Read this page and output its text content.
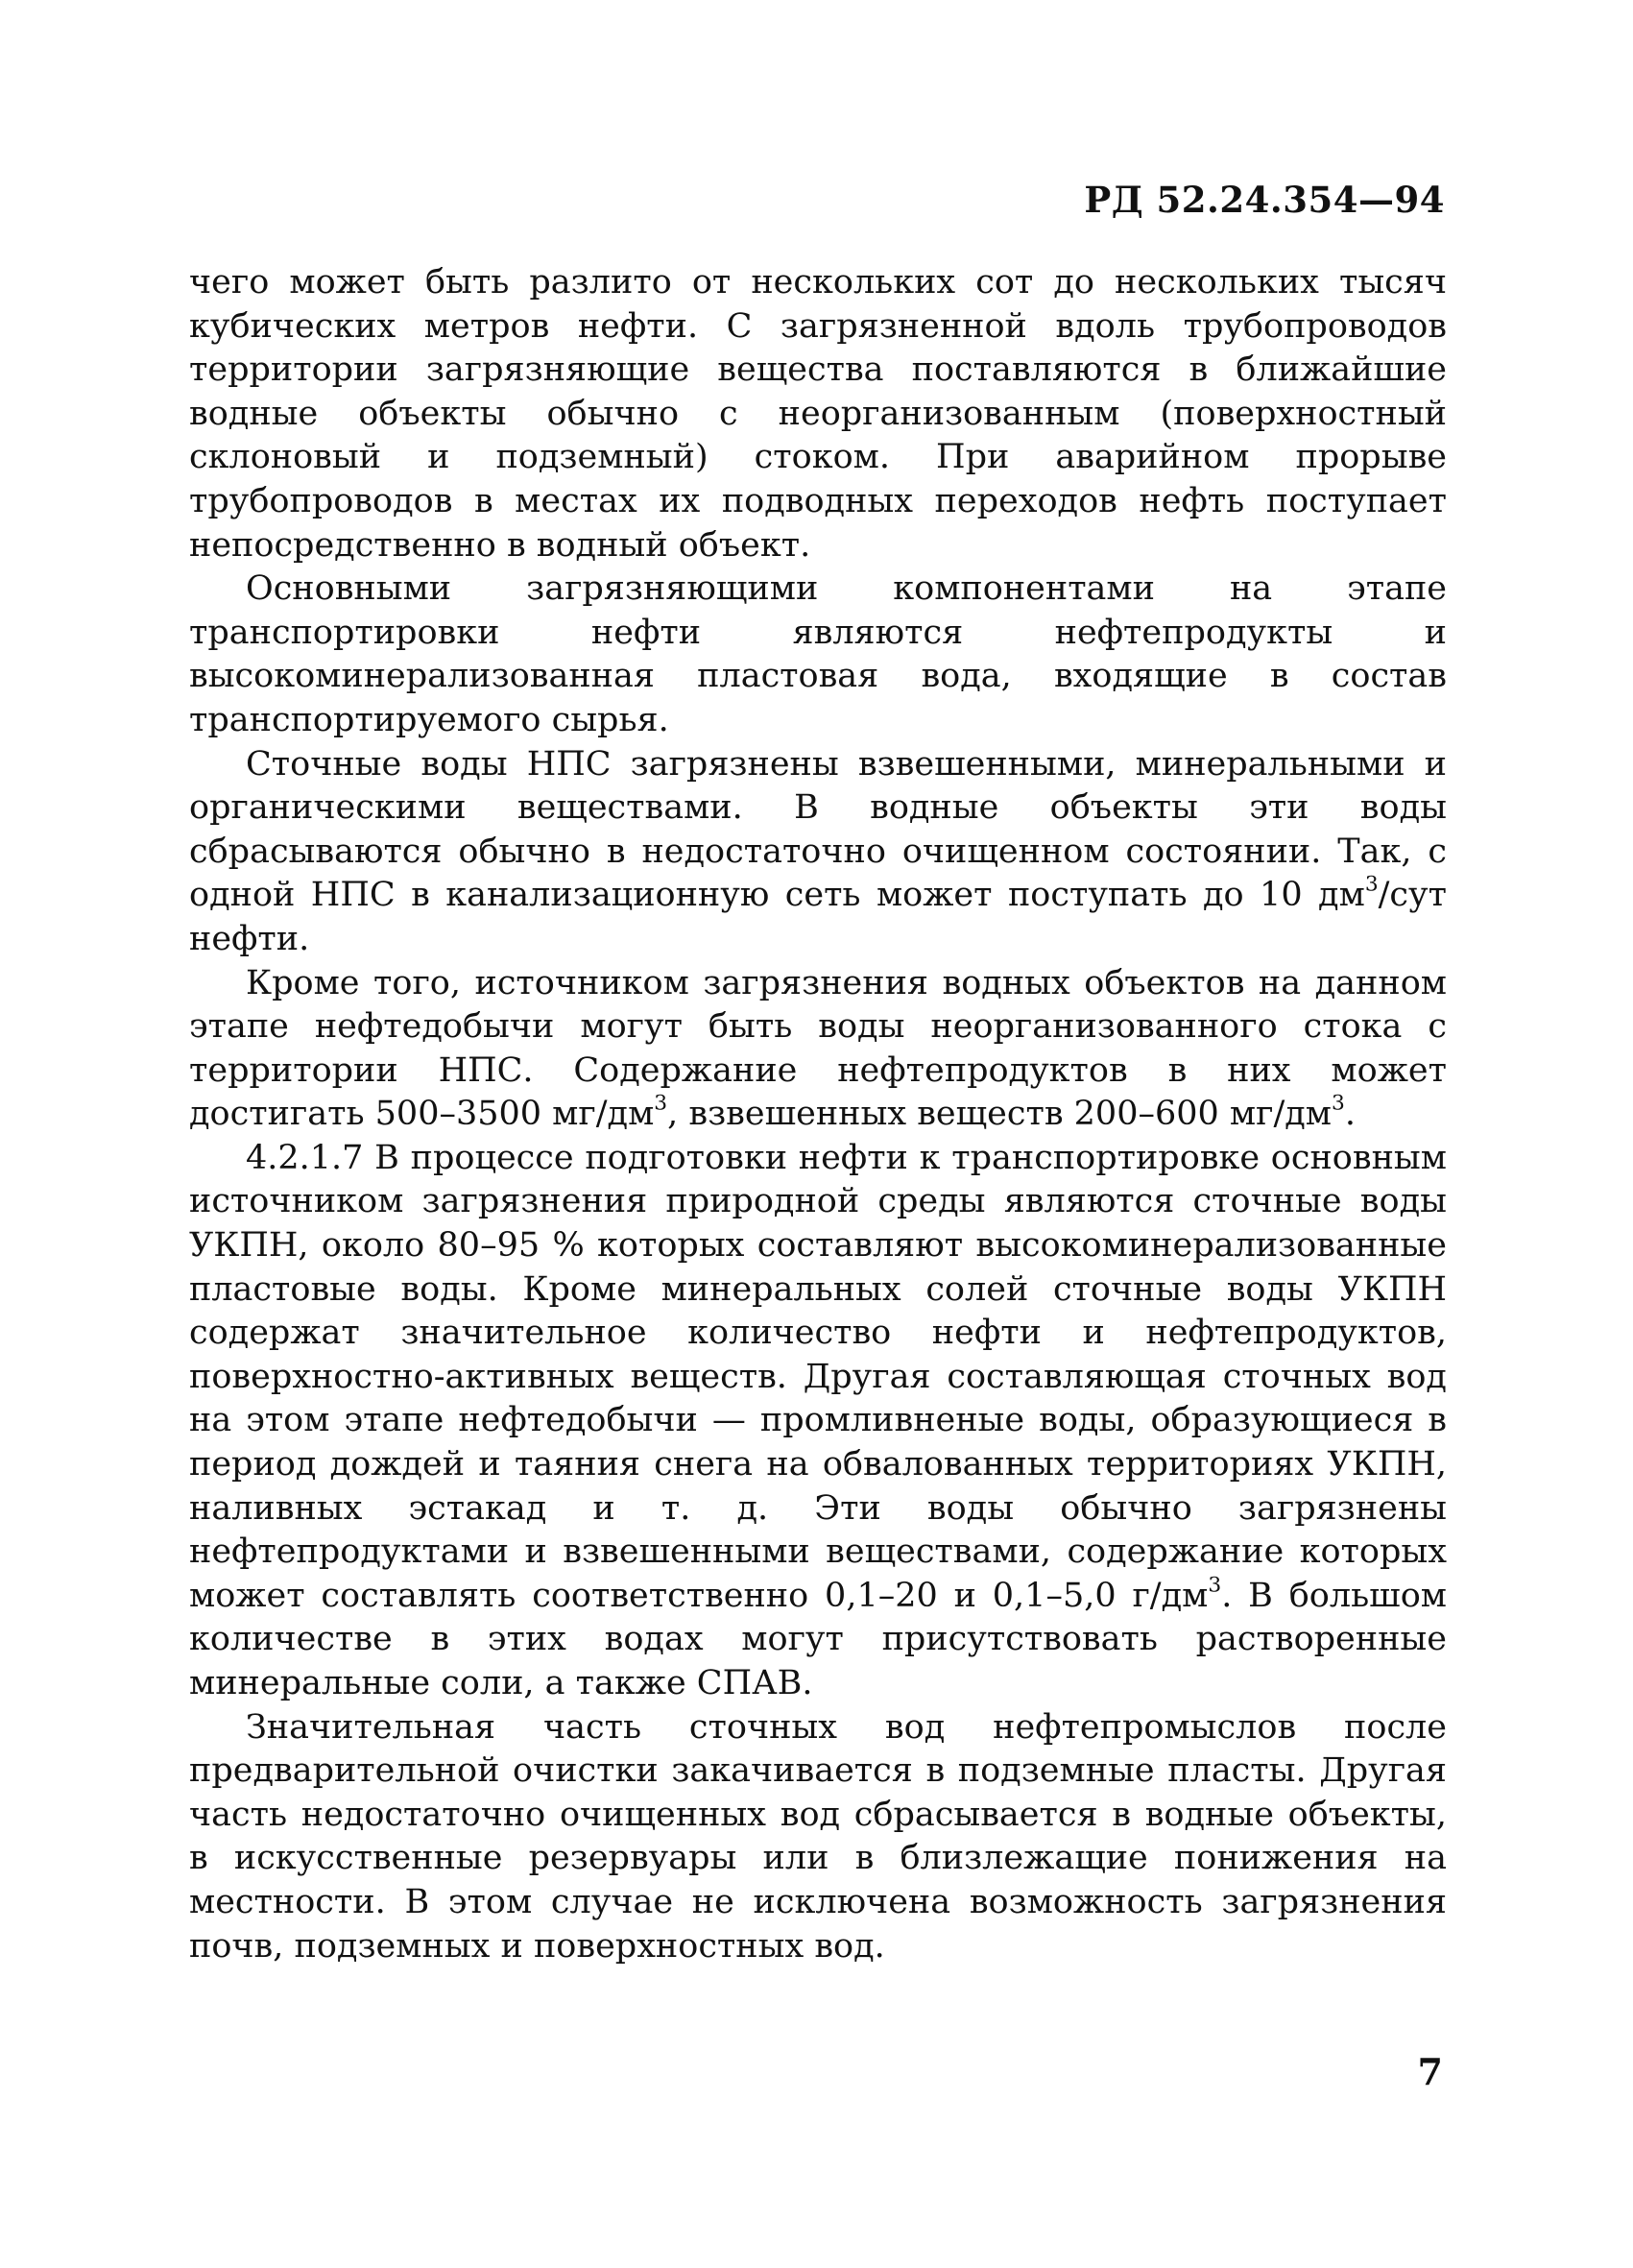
РД 52.24.354—94

чего может быть разлито от нескольких сот до нескольких тысяч кубических метров нефти. С загрязненной вдоль трубопроводов территории загрязняющие вещества поставляются в ближайшие водные объекты обычно с неорганизованным (поверхностный склоновый и подземный) стоком. При аварийном прорыве трубопроводов в местах их подводных переходов нефть поступает непосредственно в водный объект.

Основными загрязняющими компонентами на этапе транспортировки нефти являются нефтепродукты и высокоминерализованная пластовая вода, входящие в состав транспортируемого сырья.

Сточные воды НПС загрязнены взвешенными, минеральными и органическими веществами. В водные объекты эти воды сбрасываются обычно в недостаточно очищенном состоянии. Так, с одной НПС в канализационную сеть может поступать до 10 $дм^3$/сут нефти.

Кроме того, источником загрязнения водных объектов на данном этапе нефтедобычи могут быть воды неорганизованного стока с территории НПС. Содержание нефтепродуктов в них может достигать 500–3500 $мг/дм^3$, взвешенных веществ 200–600 $мг/дм^3$.

4.2.1.7 В процессе подготовки нефти к транспортировке основным источником загрязнения природной среды являются сточные воды УКПН, около 80–95 % которых составляют высокоминерализованные пластовые воды. Кроме минеральных солей сточные воды УКПН содержат значительное количество нефти и нефтепродуктов, поверхностно-активных веществ. Другая составляющая сточных вод на этом этапе нефтедобычи — промливненые воды, образующиеся в период дождей и таяния снега на обвалованных территориях УКПН, наливных эстакад и т. д. Эти воды обычно загрязнены нефтепродуктами и взвешенными веществами, содержание которых может составлять соответственно 0,1–20 и 0,1–5,0 $г/дм^3$. В большом количестве в этих водах могут присутствовать растворенные минеральные соли, а также СПАВ.

Значительная часть сточных вод нефтепромыслов после предварительной очистки закачивается в подземные пласты. Другая часть недостаточно очищенных вод сбрасывается в водные объекты, в искусственные резервуары или в близлежащие понижения на местности. В этом случае не исключена возможность загрязнения почв, подземных и поверхностных вод.

7
